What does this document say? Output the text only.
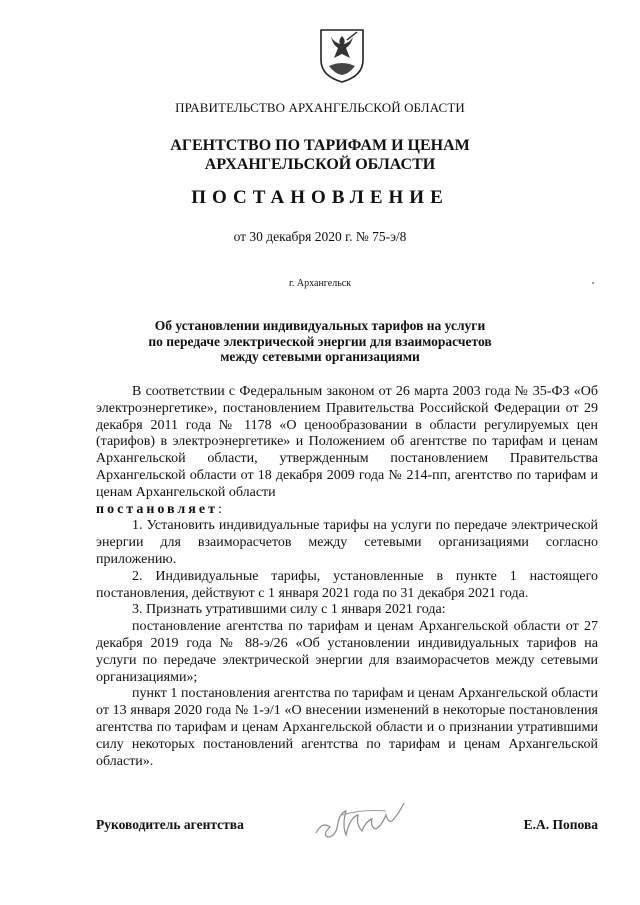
ПРАВИТЕЛЬСТВО АРХАНГЕЛЬСКОЙ ОБЛАСТИ
АГЕНТСТВО ПО ТАРИФАМ И ЦЕНАМ
АРХАНГЕЛЬСКОЙ ОБЛАСТИ
ПОСТАНОВЛЕНИЕ
от 30 декабря 2020 г. № 75-э/8
г. Архангельск
Об установлении индивидуальных тарифов на услуги
по передаче электрической энергии для взаиморасчетов
между сетевыми организациями

В соответствии с Федеральным законом от 26 марта 2003 года № 35-ФЗ «Об электроэнергетике», постановлением Правительства Российской Федерации от 29 декабря 2011 года № 1178 «О ценообразовании в области регулируемых цен (тарифов) в электроэнергетике» и Положением об агентстве по тарифам и ценам Архангельской области, утвержденным постановлением Правительства Архангельской области от 18 декабря 2009 года № 214-пп, агентство по тарифам и ценам Архангельской области

постановляет:

1. Установить индивидуальные тарифы на услуги по передаче электрической энергии для взаиморасчетов между сетевыми организациями согласно приложению.

2. Индивидуальные тарифы, установленные в пункте 1 настоящего постановления, действуют с 1 января 2021 года по 31 декабря 2021 года.

3. Признать утратившими силу с 1 января 2021 года:

постановление агентства по тарифам и ценам Архангельской области от 27 декабря 2019 года № 88-э/26 «Об установлении индивидуальных тарифов на услуги по передаче электрической энергии для взаиморасчетов между сетевыми организациями»;

пункт 1 постановления агентства по тарифам и ценам Архангельской области от 13 января 2020 года № 1-э/1 «О внесении изменений в некоторые постановления агентства по тарифам и ценам Архангельской области и о признании утратившими силу некоторых постановлений агентства по тарифам и ценам Архангельской области».

Руководитель агентства	Е.А. Попова
